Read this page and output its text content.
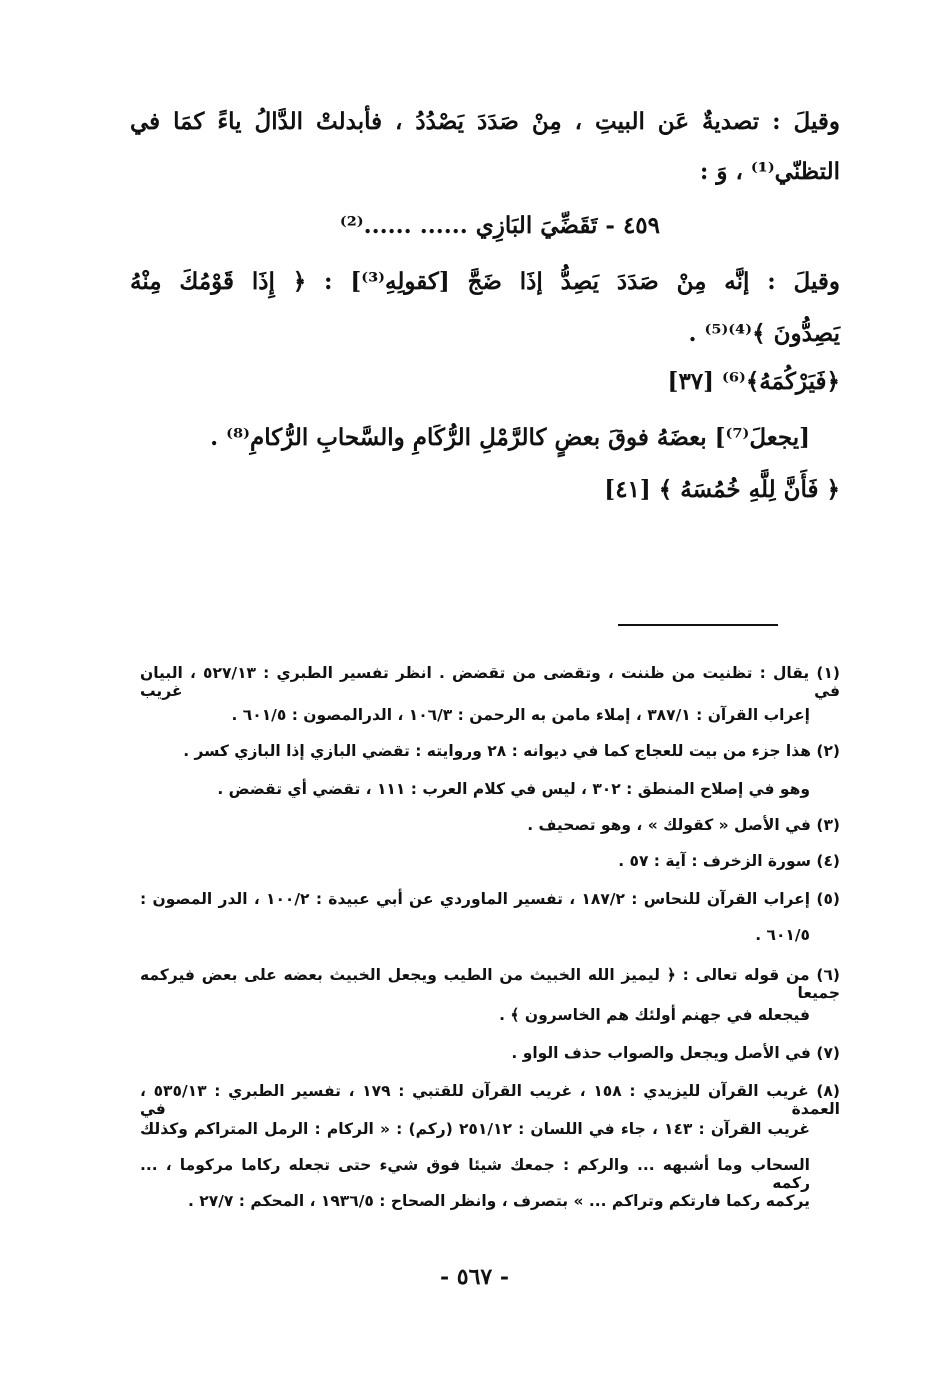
وقيلَ : تصديةٌ عَن البيتِ ، مِنْ صَدَدَ يَصْدُدُ ، فأبدلتْ الدَّالُ ياءً كمَا في
التظنّي⁽¹⁾ ، وَ :
٤٥٩ - تَقَضِّيَ البَازِي ...... ......⁽²⁾
وقيلَ : إنَّه مِنْ صَدَدَ يَصِدُّ إذَا ضَجَّ [كقولِهِ⁽³⁾] : ﴿ إِذَا قَوْمُكَ مِنْهُ
يَصِدُّونَ ﴾⁽⁴⁾⁽⁵⁾ .
﴿فَيَرْكُمَهُ﴾⁽⁶⁾ [٣٧]
[يجعلَ⁽⁷⁾] بعضَهُ فوقَ بعضٍ كالرَّمْلِ الرُّكَامِ والسَّحابِ الرُّكامِ⁽⁸⁾ .
﴿ فَأَنَّ لِلَّهِ خُمُسَهُ ﴾ [٤١]
(١) يقال : تظنيت من ظننت ، وتقضى من تقضض . انظر تفسير الطبري : ٥٢٧/١٣ ، البيان في غريب
إعراب القرآن : ٣٨٧/١ ، إملاء مامن به الرحمن : ١٠٦/٣ ، الدرالمصون : ٦٠١/٥ .
(٢) هذا جزء من بيت للعجاج كما في ديوانه : ٢٨ وروايته : تقضي البازي إذا البازي كسر .
وهو في إصلاح المنطق : ٣٠٢ ، ليس في كلام العرب : ١١١ ، تقضي أي تقضض .
(٣) في الأصل « كقولك » ، وهو تصحيف .
(٤) سورة الزخرف : آية : ٥٧ .
(٥) إعراب القرآن للنحاس : ١٨٧/٢ ، تفسير الماوردي عن أبي عبيدة : ١٠٠/٢ ، الدر المصون :
٦٠١/٥ .
(٦) من قوله تعالى : ﴿ ليميز الله الخبيث من الطيب ويجعل الخبيث بعضه على بعض فيركمه جميعا
فيجعله في جهنم أولئك هم الخاسرون ﴾ .
(٧) في الأصل ويجعل والصواب حذف الواو .
(٨) غريب القرآن لليزيدي : ١٥٨ ، غريب القرآن للقتبي : ١٧٩ ، تفسير الطبري : ٥٣٥/١٣ ، العمدة في
غريب القرآن : ١٤٣ ، جاء في اللسان : ٢٥١/١٢ (ركم) : « الركام : الرمل المتراكم وكذلك
السحاب وما أشبهه ... والركم : جمعك شيئا فوق شيء حتى تجعله ركاما مركوما ، ... ركمه
يركمه ركما فارتكم وتراكم ... » بتصرف ، وانظر الصحاح : ١٩٣٦/٥ ، المحكم : ٢٧/٧ .
- ٥٦٧ -
